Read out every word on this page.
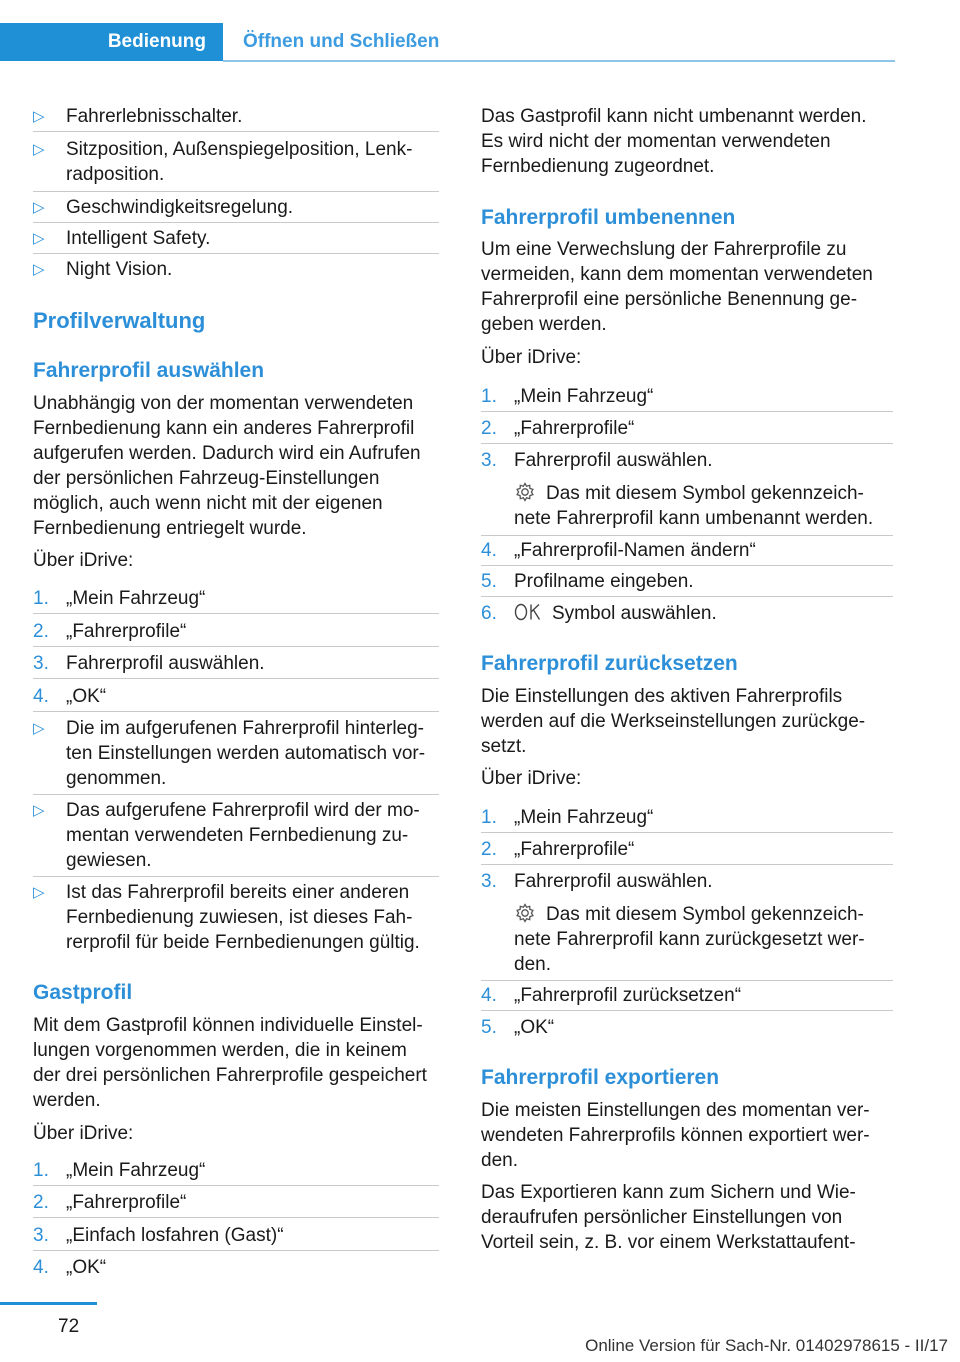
Bedienung	Öffnen und Schließen
▷ Fahrerlebnisschalter.
▷ Sitzposition, Außenspiegelposition, Lenk-
radposition.
▷ Geschwindigkeitsregelung.
▷ Intelligent Safety.
▷ Night Vision.
Profilverwaltung
Fahrerprofil auswählen
Unabhängig von der momentan verwendeten
Fernbedienung kann ein anderes Fahrerprofil
aufgerufen werden. Dadurch wird ein Aufrufen
der persönlichen Fahrzeug-Einstellungen
möglich, auch wenn nicht mit der eigenen
Fernbedienung entriegelt wurde.
Über iDrive:
1. „Mein Fahrzeug“
2. „Fahrerprofile“
3. Fahrerprofil auswählen.
4. „OK“
▷ Die im aufgerufenen Fahrerprofil hinterleg-
ten Einstellungen werden automatisch vor-
genommen.
▷ Das aufgerufene Fahrerprofil wird der mo-
mentan verwendeten Fernbedienung zu-
gewiesen.
▷ Ist das Fahrerprofil bereits einer anderen
Fernbedienung zuwiesen, ist dieses Fah-
rerprofil für beide Fernbedienungen gültig.
Gastprofil
Mit dem Gastprofil können individuelle Einstel-
lungen vorgenommen werden, die in keinem
der drei persönlichen Fahrerprofile gespeichert
werden.
Über iDrive:
1. „Mein Fahrzeug“
2. „Fahrerprofile“
3. „Einfach losfahren (Gast)“
4. „OK“
Das Gastprofil kann nicht umbenannt werden.
Es wird nicht der momentan verwendeten
Fernbedienung zugeordnet.
Fahrerprofil umbenennen
Um eine Verwechslung der Fahrerprofile zu
vermeiden, kann dem momentan verwendeten
Fahrerprofil eine persönliche Benennung ge-
geben werden.
Über iDrive:
1. „Mein Fahrzeug“
2. „Fahrerprofile“
3. Fahrerprofil auswählen.
Das mit diesem Symbol gekennzeich-
nete Fahrerprofil kann umbenannt werden.
4. „Fahrerprofil-Namen ändern“
5. Profilname eingeben.
6.	Symbol auswählen.
Fahrerprofil zurücksetzen
Die Einstellungen des aktiven Fahrerprofils
werden auf die Werkseinstellungen zurückge-
setzt.
Über iDrive:
1. „Mein Fahrzeug“
2. „Fahrerprofile“
3. Fahrerprofil auswählen.
Das mit diesem Symbol gekennzeich-
nete Fahrerprofil kann zurückgesetzt wer-
den.
4. „Fahrerprofil zurücksetzen“
5. „OK“
Fahrerprofil exportieren
Die meisten Einstellungen des momentan ver-
wendeten Fahrerprofils können exportiert wer-
den.
Das Exportieren kann zum Sichern und Wie-
deraufrufen persönlicher Einstellungen von
Vorteil sein, z. B. vor einem Werkstattaufent-
72
Online Version für Sach-Nr. 01402978615 - II/17
